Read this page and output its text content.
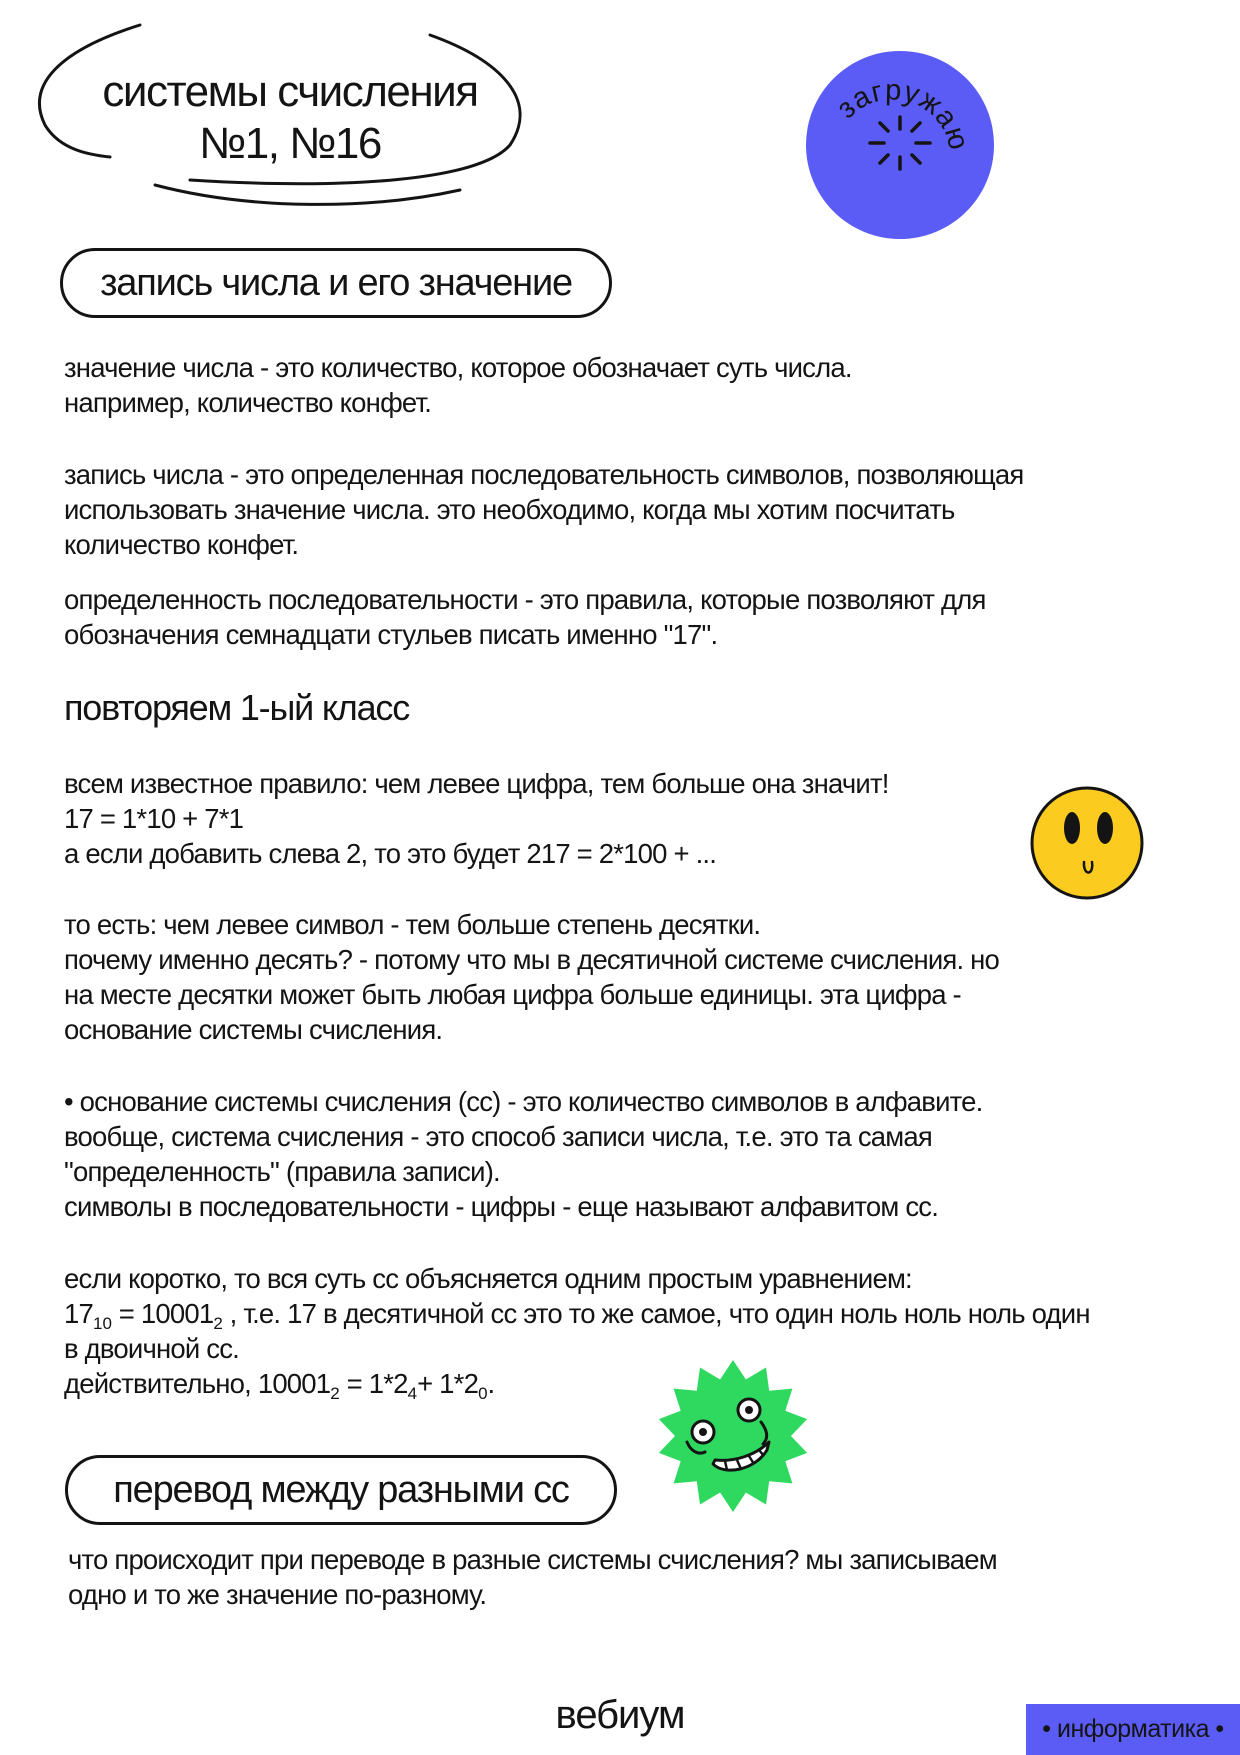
системы счисления
№1, №16
загружаю
запись числа и его значение

значение числа - это количество, которое обозначает суть числа.

например, количество конфет.

запись числа - это определенная последовательность символов, позволяющая

использовать значение числа. это необходимо, когда мы хотим посчитать

количество конфет.

определенность последовательности - это правила, которые позволяют для

обозначения семнадцати стульев писать именно "17".

повторяем 1-ый класс

всем известное правило: чем левее цифра, тем больше она значит!

17 = 1*10 + 7*1

а если добавить слева 2, то это будет 217 = 2*100 + ...

то есть: чем левее символ - тем больше степень десятки.

почему именно десять? - потому что мы в десятичной системе счисления. но

на месте десятки может быть любая цифра больше единицы. эта цифра -

основание системы счисления.

• основание системы счисления (сс) - это количество символов в алфавите.

вообще, система счисления - это способ записи числа, т.е. это та самая

"определенность" (правила записи).

символы в последовательности - цифры - еще называют алфавитом сс.

если коротко, то вся суть сс объясняется одним простым уравнением:

$17_{10} = 10001_2$ , т.е. 17 в десятичной сс это то же самое, что один ноль ноль ноль один

в двоичной сс.

действительно, $10001_2 = 1*2_4+ 1*2_0$.

перевод между разными сс

что происходит при переводе в разные системы счисления? мы записываем

одно и то же значение по-разному.

вебиум	• информатика •
